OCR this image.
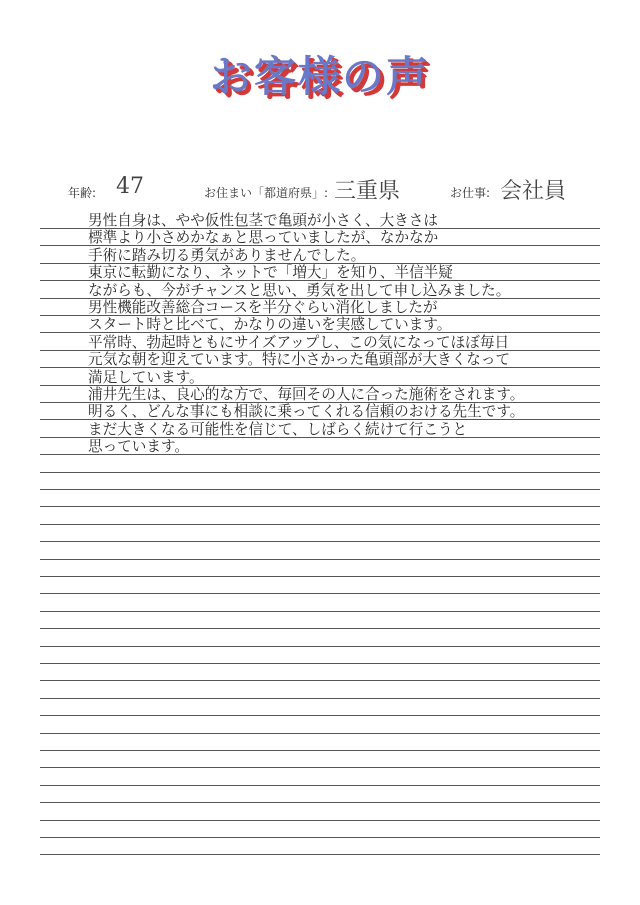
お客様の声
年齢: 47	お住まい「都道府県」: 三重県	お仕事: 会社員
男性自身は、やや仮性包茎で亀頭が小さく、大きさは
標準より小さめかなぁと思っていましたが、なかなか
手術に踏み切る勇気がありませんでした。
東京に転勤になり、ネットで「増大」を知り、半信半疑
ながらも、今がチャンスと思い、勇気を出して申し込みました。
男性機能改善総合コースを半分ぐらい消化しましたが
スタート時と比べて、かなりの違いを実感しています。
平常時、勃起時ともにサイズアップし、この気になってほぼ毎日
元気な朝を迎えています。特に小さかった亀頭部が大きくなって
満足しています。
浦井先生は、良心的な方で、毎回その人に合った施術をされます。
明るく、どんな事にも相談に乗ってくれる信頼のおける先生です。
まだ大きくなる可能性を信じて、しばらく続けて行こうと
思っています。
